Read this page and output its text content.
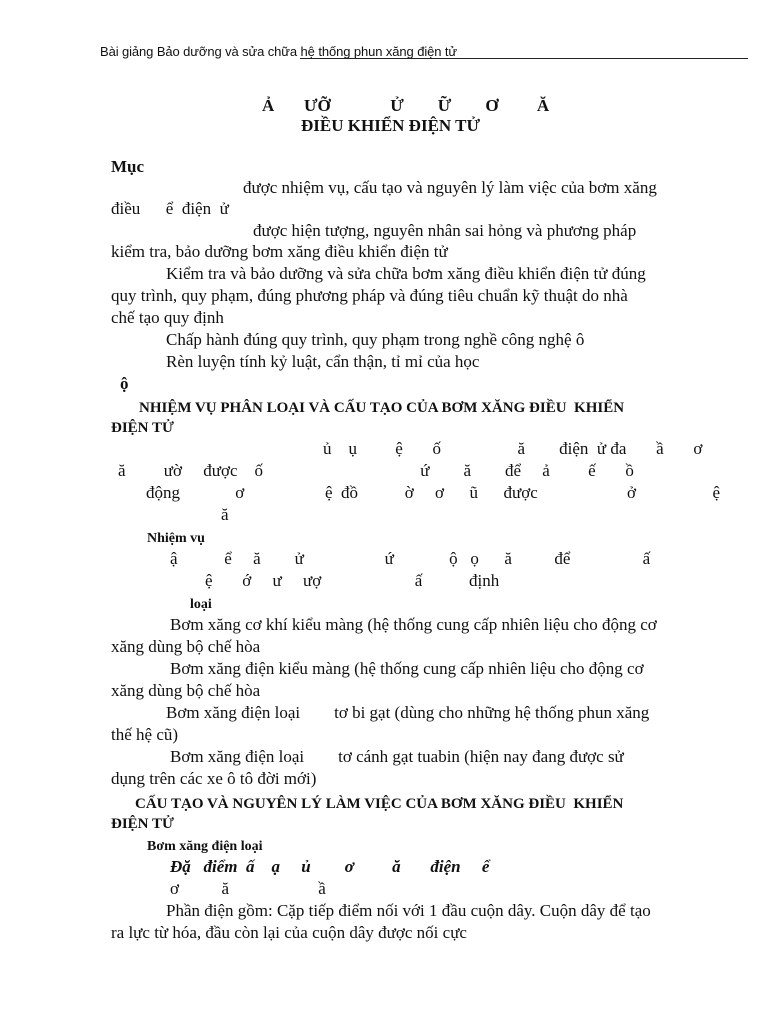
Bài giảng Bảo dưỡng và sửa chữa hệ thống phun xăng điện tử
Ả       ƯỠ              Ử        Ữ        Ơ         Ă
ĐIỀU KHIỂN ĐIỆN TỬ
Mục
được nhiệm vụ, cấu tạo và nguyên lý làm việc của bơm xăng
điều      ể  điện  ử
được hiện tượng, nguyên nhân sai hỏng và phương pháp
kiểm tra, bảo dưỡng bơm xăng điều khiển điện tử
Kiểm tra và bảo dưỡng và sửa chữa bơm xăng điều khiển điện tử đúng
quy trình, quy phạm, đúng phương pháp và đúng tiêu chuẩn kỹ thuật do nhà
chế tạo quy định
Chấp hành đúng quy trình, quy phạm trong nghề công nghệ ô
Rèn luyện tính kỷ luật, cẩn thận, tỉ mỉ của học
ộ
NHIỆM VỤ PHÂN LOẠI VÀ CẤU TẠO CỦA BƠM XĂNG ĐIỀU  KHIỂN
ĐIỆN TỬ
ủ    ụ         ệ       ố                  ă        điện  ử đa       ầ       ơ
ă         ườ     được    ố                                     ứ        ă        để     ả         ế       ồ
động             ơ                   ệ  đồ           ờ     ơ      ũ      được                     ở                  ệ
ă
Nhiệm vụ
ậ           ể     ă        ử                   ứ             ộ   ọ      ă          để                 ấ
ệ       ớ     ư     ượ                      ấ           định
loại
Bơm xăng cơ khí kiểu màng (hệ thống cung cấp nhiên liệu cho động cơ
xăng dùng bộ chế hòa
Bơm xăng điện kiểu màng (hệ thống cung cấp nhiên liệu cho động cơ
xăng dùng bộ chế hòa
Bơm xăng điện loại        tơ bi gạt (dùng cho những hệ thống phun xăng
thế hệ cũ)
Bơm xăng điện loại        tơ cánh gạt tuabin (hiện nay đang được sử
dụng trên các xe ô tô đời mới)
CẤU TẠO VÀ NGUYÊN LÝ LÀM VIỆC CỦA BƠM XĂNG ĐIỀU  KHIỂN
ĐIỆN TỬ
Bơm xăng điện loại
Đặ   điểm  ấ    ạ     ủ        ơ         ă       điện     ể
ơ          ă                     ầ
Phần điện gồm: Cặp tiếp điểm nối với 1 đầu cuộn dây. Cuộn dây để tạo
ra lực từ hóa, đầu còn lại của cuộn dây được nối cực
